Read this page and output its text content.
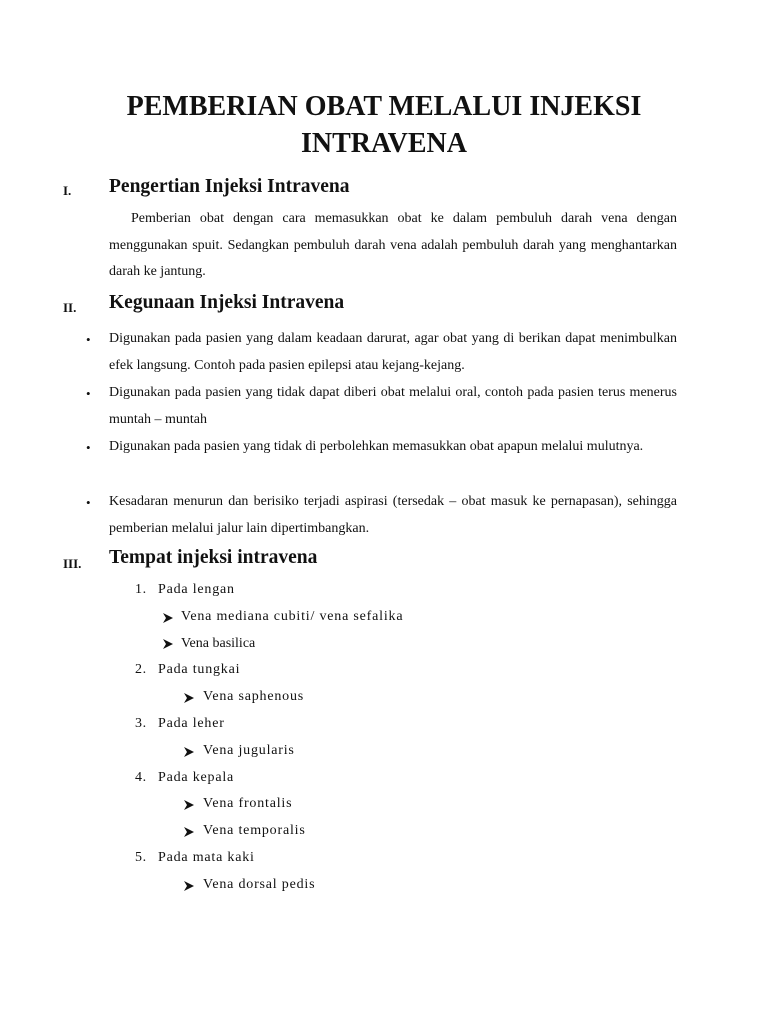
PEMBERIAN OBAT MELALUI INJEKSI
INTRAVENA
I. Pengertian Injeksi Intravena

Pemberian obat dengan cara memasukkan obat ke dalam pembuluh darah vena dengan menggunakan spuit. Sedangkan pembuluh darah vena adalah pembuluh darah yang menghantarkan darah ke jantung.

II. Kegunaan Injeksi Intravena
• Digunakan pada pasien yang dalam keadaan darurat, agar obat yang di berikan dapat menimbulkan efek langsung. Contoh pada pasien epilepsi atau kejang-kejang.

• Digunakan pada pasien yang tidak dapat diberi obat melalui oral, contoh pada pasien terus menerus muntah – muntah

• Digunakan pada pasien yang tidak di perbolehkan memasukkan obat apapun melalui mulutnya.

• Kesadaran menurun dan berisiko terjadi aspirasi (tersedak – obat masuk ke pernapasan), sehingga pemberian melalui jalur lain dipertimbangkan.

III. Tempat injeksi intravena
1. Pada lengan
Vena mediana cubiti/ vena sefalika
Vena basilica
2. Pada tungkai
Vena saphenous
3. Pada leher
Vena jugularis
4. Pada kepala
Vena frontalis
Vena temporalis
5. Pada mata kaki
Vena dorsal pedis
